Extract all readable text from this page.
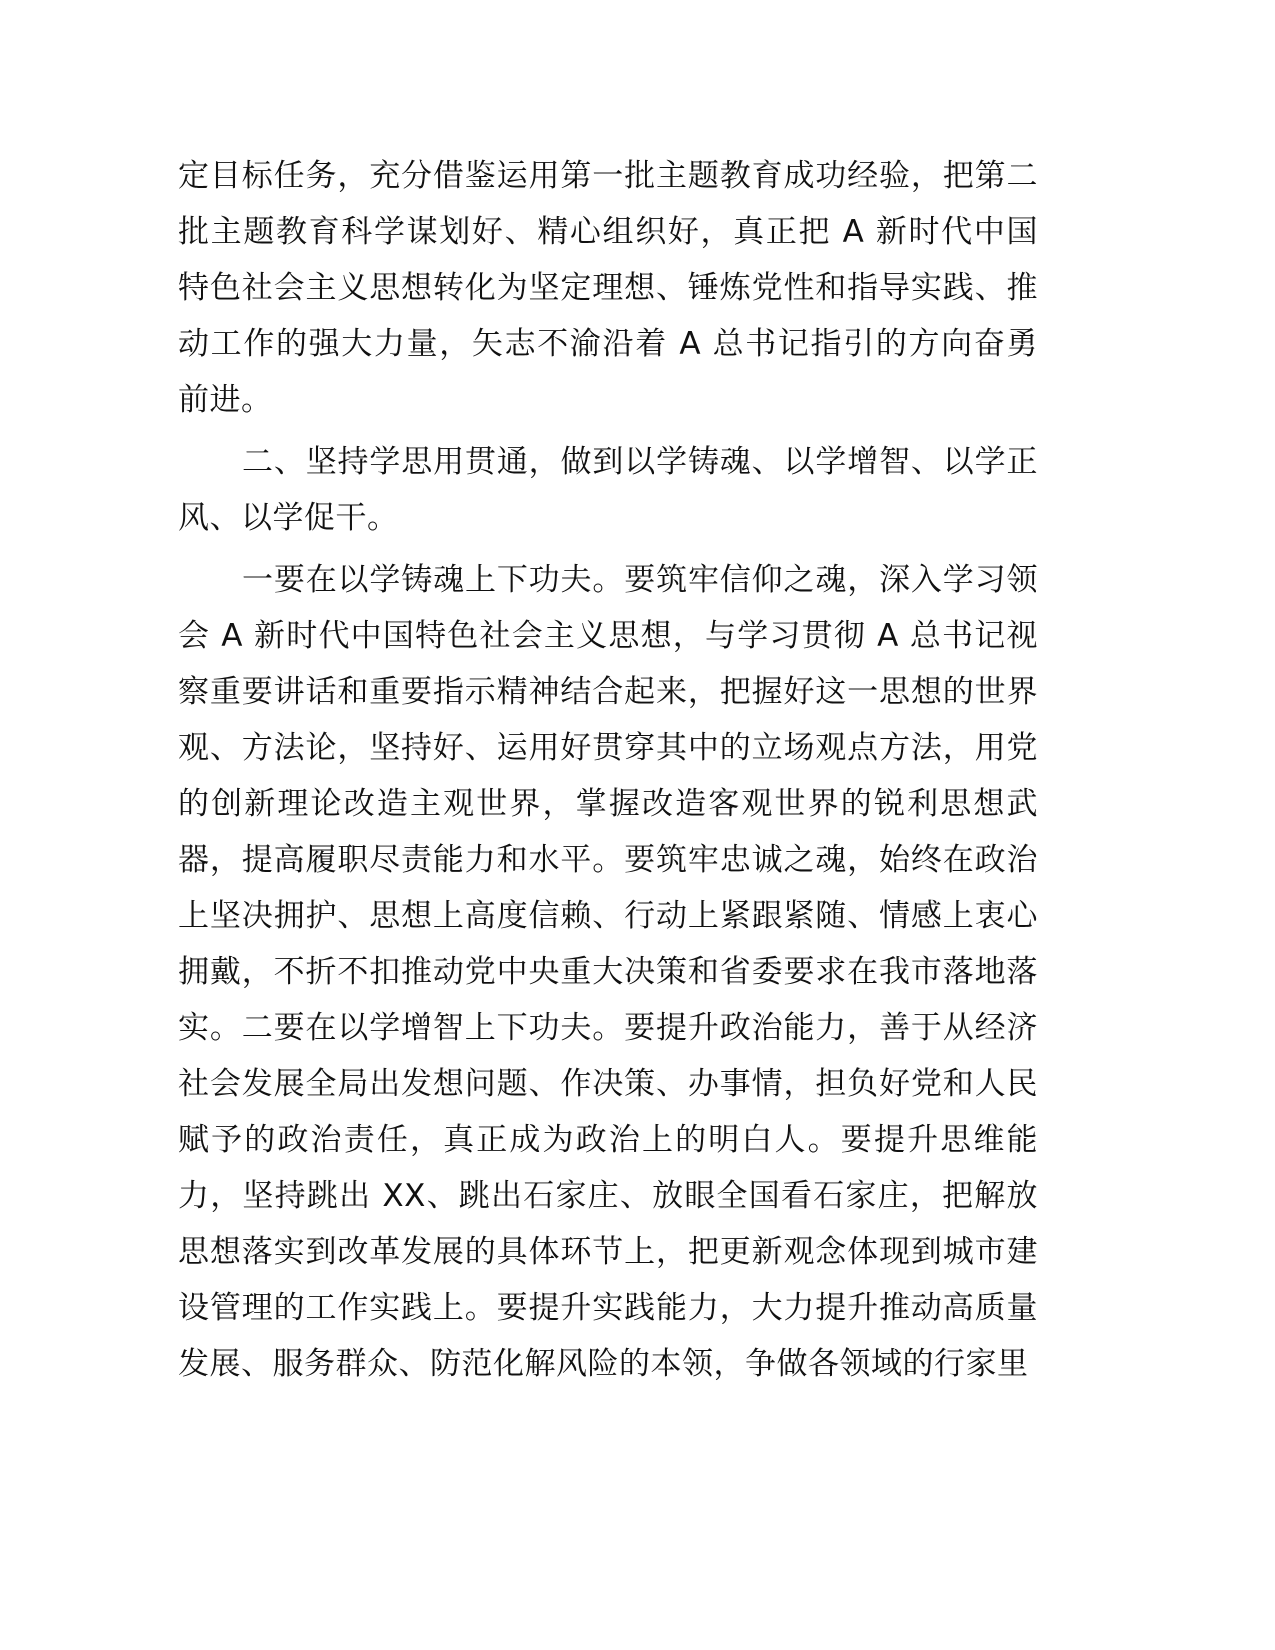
定目标任务，充分借鉴运用第一批主题教育成功经验，把第二批主题教育科学谋划好、精心组织好，真正把 A 新时代中国特色社会主义思想转化为坚定理想、锤炼党性和指导实践、推动工作的强大力量，矢志不渝沿着 A 总书记指引的方向奋勇前进。

二、坚持学思用贯通，做到以学铸魂、以学增智、以学正风、以学促干。

一要在以学铸魂上下功夫。要筑牢信仰之魂，深入学习领会 A 新时代中国特色社会主义思想，与学习贯彻 A 总书记视察重要讲话和重要指示精神结合起来，把握好这一思想的世界观、方法论，坚持好、运用好贯穿其中的立场观点方法，用党的创新理论改造主观世界，掌握改造客观世界的锐利思想武器，提高履职尽责能力和水平。要筑牢忠诚之魂，始终在政治上坚决拥护、思想上高度信赖、行动上紧跟紧随、情感上衷心拥戴，不折不扣推动党中央重大决策和省委要求在我市落地落实。二要在以学增智上下功夫。要提升政治能力，善于从经济社会发展全局出发想问题、作决策、办事情，担负好党和人民赋予的政治责任，真正成为政治上的明白人。要提升思维能力，坚持跳出 XX、跳出石家庄、放眼全国看石家庄，把解放思想落实到改革发展的具体环节上，把更新观念体现到城市建设管理的工作实践上。要提升实践能力，大力提升推动高质量发展、服务群众、防范化解风险的本领，争做各领域的行家里
